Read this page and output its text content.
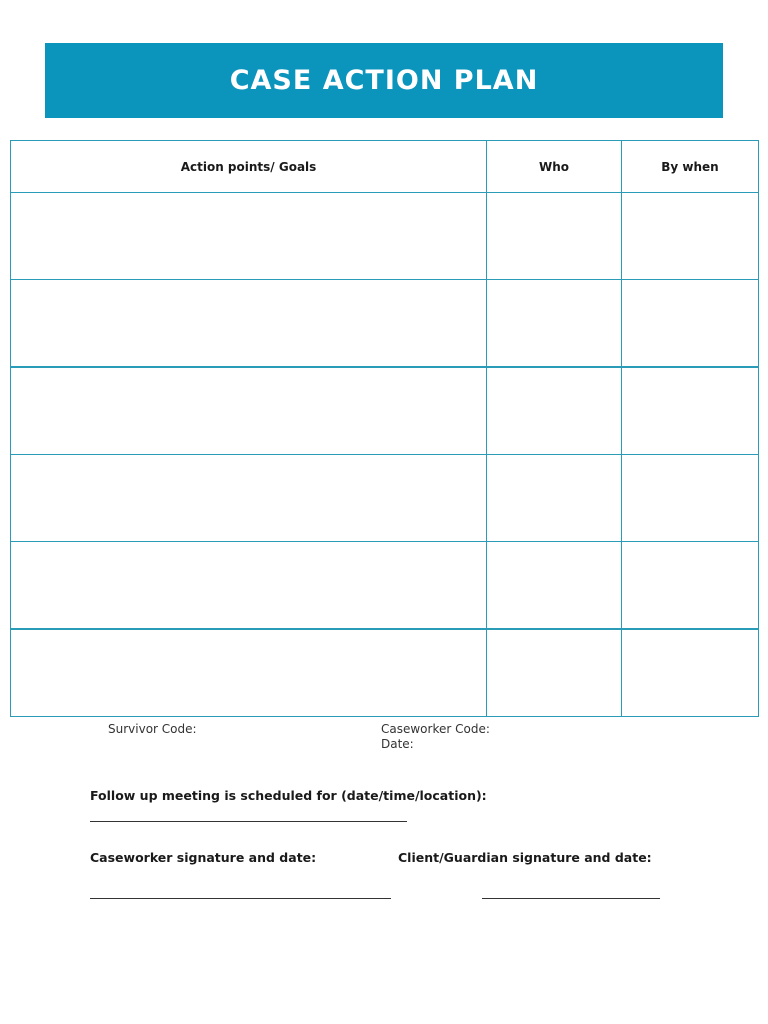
CASE ACTION PLAN
Action points/ Goals	Who	By when

Survivor Code:	Caseworker Code:
Date:
Follow up meeting is scheduled for (date/time/location):
Caseworker signature and date:	Client/Guardian signature and date:
